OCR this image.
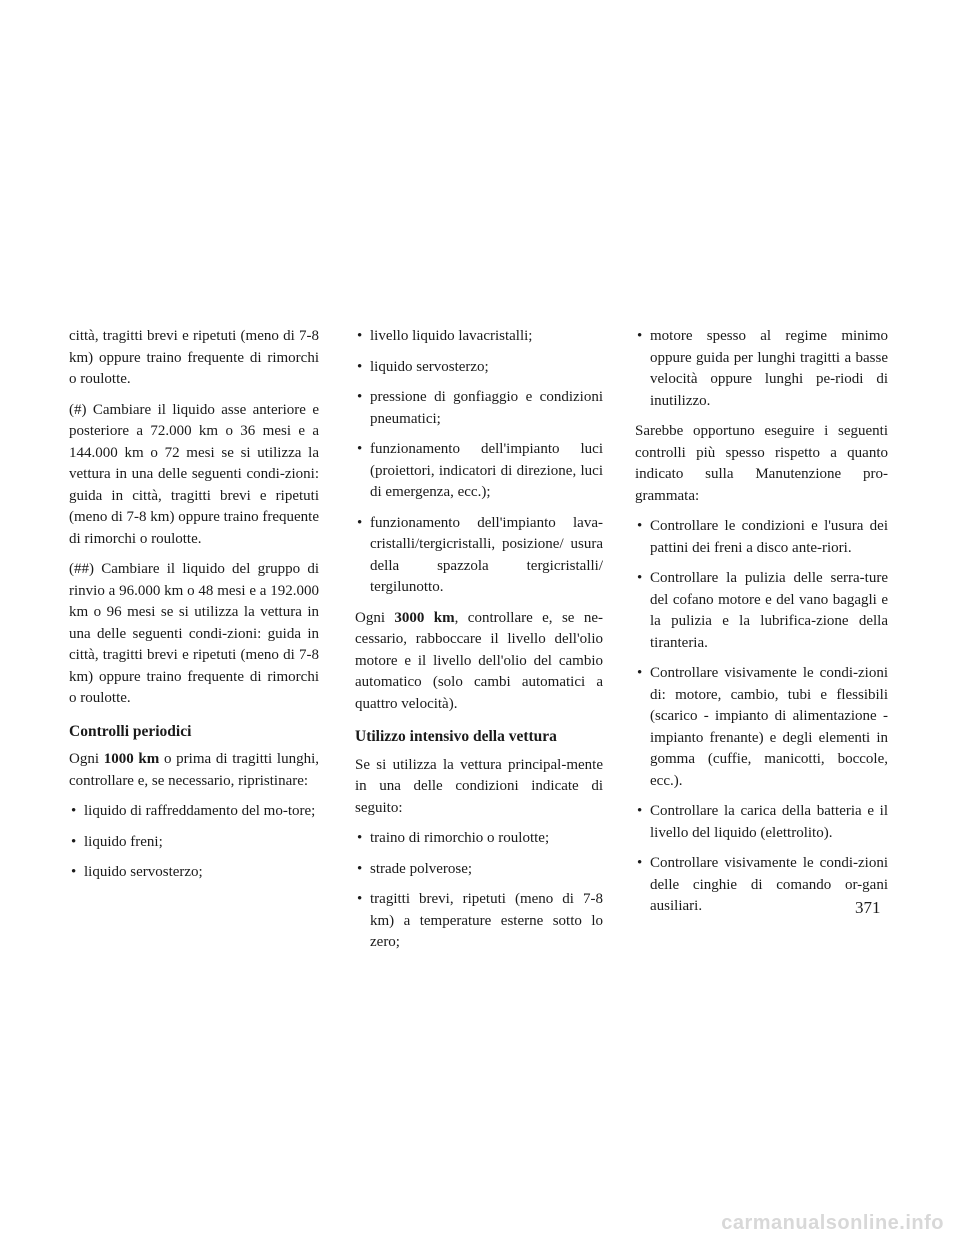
città, tragitti brevi e ripetuti (meno di 7-8 km) oppure traino frequente di rimorchi o roulotte.

(#) Cambiare il liquido asse anteriore e posteriore a 72.000 km o 36 mesi e a 144.000 km o 72 mesi se si utilizza la vettura in una delle seguenti condi-zioni: guida in città, tragitti brevi e ripetuti (meno di 7-8 km) oppure traino frequente di rimorchi o roulotte.

(##) Cambiare il liquido del gruppo di rinvio a 96.000 km o 48 mesi e a 192.000 km o 96 mesi se si utilizza la vettura in una delle seguenti condi-zioni: guida in città, tragitti brevi e ripetuti (meno di 7-8 km) oppure traino frequente di rimorchi o roulotte.

Controlli periodici

Ogni 1000 km o prima di tragitti lunghi, controllare e, se necessario, ripristinare:

• liquido di raffreddamento del mo-tore;
• liquido freni;
• liquido servosterzo;
• livello liquido lavacristalli;
• liquido servosterzo;
• pressione di gonfiaggio e condizioni pneumatici;
• funzionamento dell'impianto luci (proiettori, indicatori di direzione, luci di emergenza, ecc.);
• funzionamento dell'impianto lava-cristalli/tergicristalli, posizione/ usura della spazzola tergicristalli/ tergilunotto.

Ogni 3000 km, controllare e, se ne-cessario, rabboccare il livello dell'olio motore e il livello dell'olio del cambio automatico (solo cambi automatici a quattro velocità).

Utilizzo intensivo della vettura

Se si utilizza la vettura principal-mente in una delle condizioni indicate di seguito:

• traino di rimorchio o roulotte;
• strade polverose;
• tragitti brevi, ripetuti (meno di 7-8 km) a temperature esterne sotto lo zero;
• motore spesso al regime minimo oppure guida per lunghi tragitti a basse velocità oppure lunghi pe-riodi di inutilizzo.

Sarebbe opportuno eseguire i seguenti controlli più spesso rispetto a quanto indicato sulla Manutenzione pro-grammata:

• Controllare le condizioni e l'usura dei pattini dei freni a disco ante-riori.
• Controllare la pulizia delle serra-ture del cofano motore e del vano bagagli e la pulizia e la lubrifica-zione della tiranteria.
• Controllare visivamente le condi-zioni di: motore, cambio, tubi e flessibili (scarico - impianto di alimentazione - impianto frenante) e degli elementi in gomma (cuffie, manicotti, boccole, ecc.).
• Controllare la carica della batteria e il livello del liquido (elettrolito).
• Controllare visivamente le condi-zioni delle cinghie di comando or-gani ausiliari.	371
carmanualsonline.info
